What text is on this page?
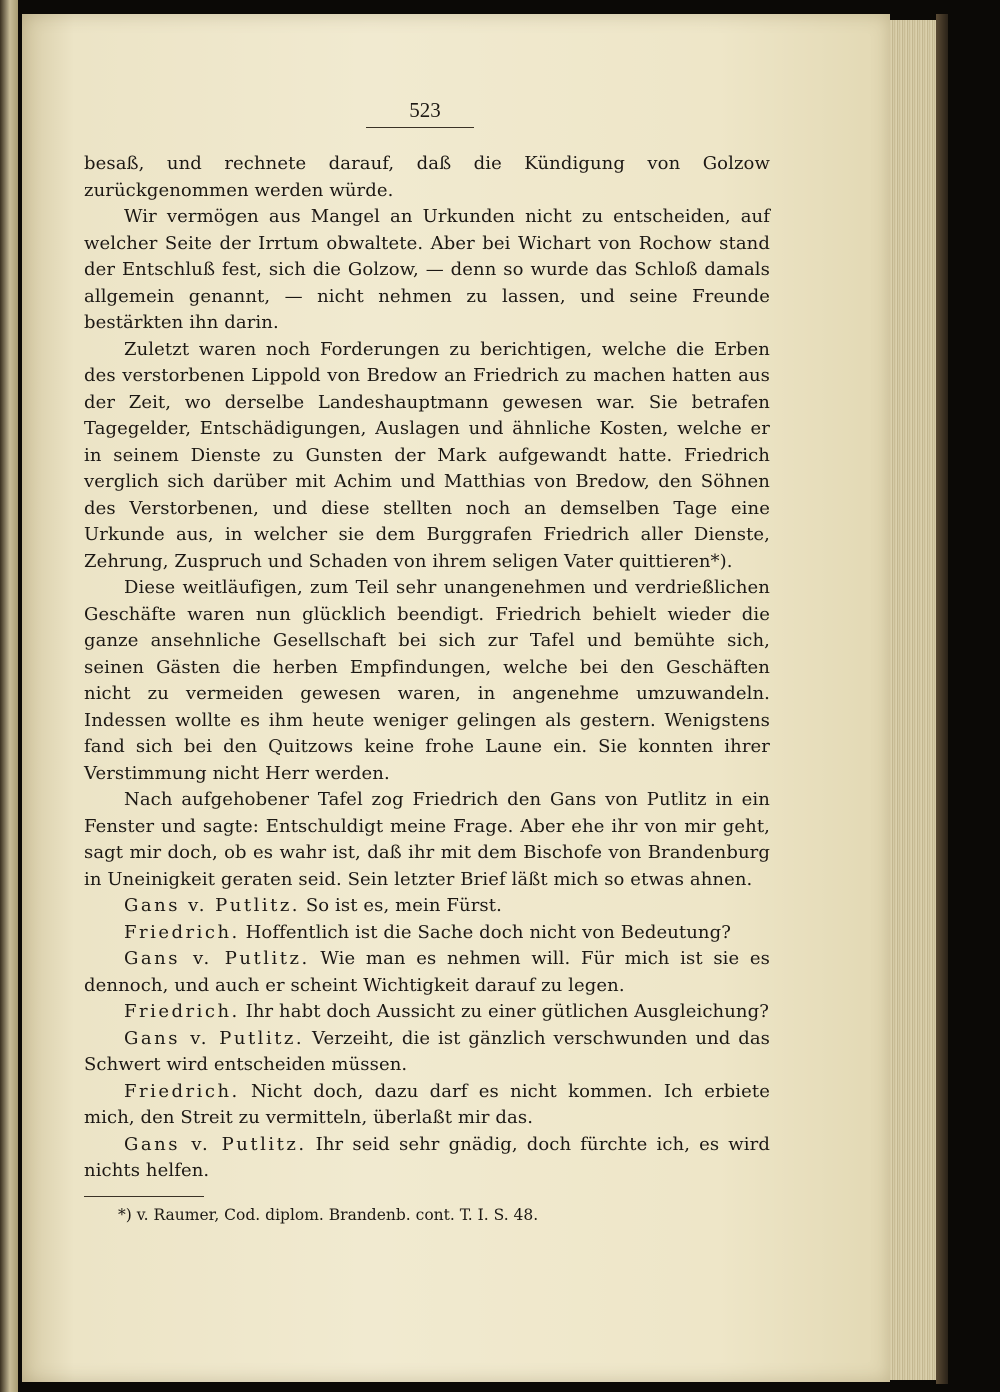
523

besaß, und rechnete darauf, daß die Kündigung von Golzow zurückgenommen werden würde.

Wir vermögen aus Mangel an Urkunden nicht zu entscheiden, auf welcher Seite der Irrtum obwaltete. Aber bei Wichart von Rochow stand der Entschluß fest, sich die Golzow, — denn so wurde das Schloß damals allgemein genannt, — nicht nehmen zu lassen, und seine Freunde bestärkten ihn darin.

Zuletzt waren noch Forderungen zu berichtigen, welche die Erben des verstorbenen Lippold von Bredow an Friedrich zu machen hatten aus der Zeit, wo derselbe Landeshauptmann gewesen war. Sie betrafen Tagegelder, Entschädigungen, Auslagen und ähnliche Kosten, welche er in seinem Dienste zu Gunsten der Mark aufgewandt hatte. Friedrich verglich sich darüber mit Achim und Matthias von Bredow, den Söhnen des Verstorbenen, und diese stellten noch an demselben Tage eine Urkunde aus, in welcher sie dem Burggrafen Friedrich aller Dienste, Zehrung, Zuspruch und Schaden von ihrem seligen Vater quittieren*).

Diese weitläufigen, zum Teil sehr unangenehmen und verdrießlichen Geschäfte waren nun glücklich beendigt. Friedrich behielt wieder die ganze ansehnliche Gesellschaft bei sich zur Tafel und bemühte sich, seinen Gästen die herben Empfindungen, welche bei den Geschäften nicht zu vermeiden gewesen waren, in angenehme umzuwandeln. Indessen wollte es ihm heute weniger gelingen als gestern. Wenigstens fand sich bei den Quitzows keine frohe Laune ein. Sie konnten ihrer Verstimmung nicht Herr werden.

Nach aufgehobener Tafel zog Friedrich den Gans von Putlitz in ein Fenster und sagte: Entschuldigt meine Frage. Aber ehe ihr von mir geht, sagt mir doch, ob es wahr ist, daß ihr mit dem Bischofe von Brandenburg in Uneinigkeit geraten seid. Sein letzter Brief läßt mich so etwas ahnen.

Gans v. Putlitz. So ist es, mein Fürst.

Friedrich. Hoffentlich ist die Sache doch nicht von Bedeutung?

Gans v. Putlitz. Wie man es nehmen will. Für mich ist sie es dennoch, und auch er scheint Wichtigkeit darauf zu legen.

Friedrich. Ihr habt doch Aussicht zu einer gütlichen Ausgleichung?

Gans v. Putlitz. Verzeiht, die ist gänzlich verschwunden und das Schwert wird entscheiden müssen.

Friedrich. Nicht doch, dazu darf es nicht kommen. Ich erbiete mich, den Streit zu vermitteln, überlaßt mir das.

Gans v. Putlitz. Ihr seid sehr gnädig, doch fürchte ich, es wird nichts helfen.

*) v. Raumer, Cod. diplom. Brandenb. cont. T. I. S. 48.
